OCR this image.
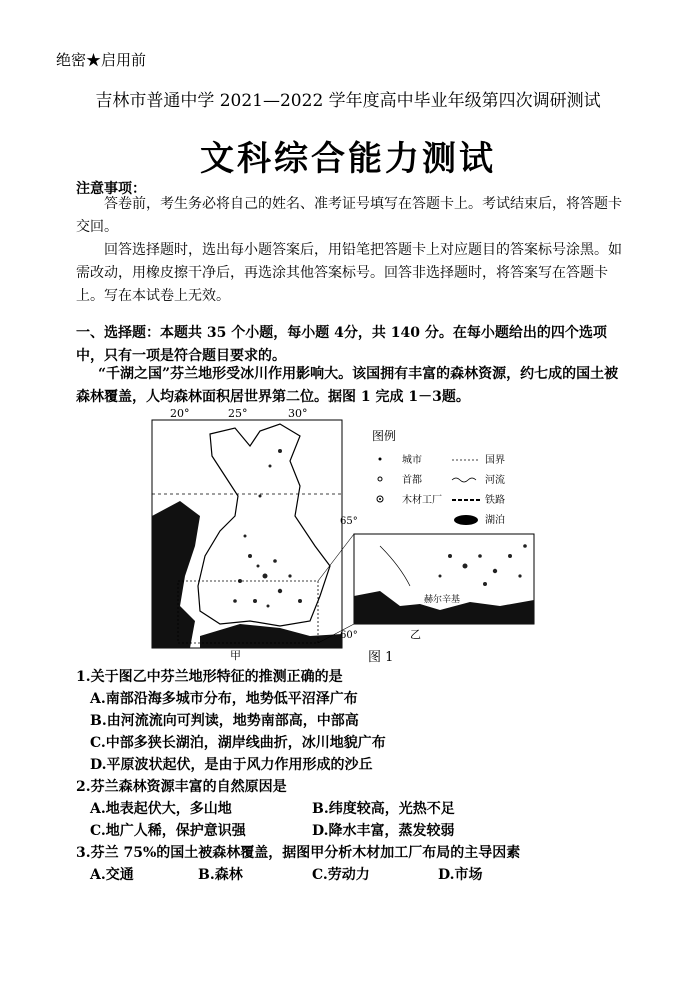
绝密★启用前
吉林市普通中学 2021—2022 学年度高中毕业年级第四次调研测试
文科综合能力测试
注意事项：
答卷前，考生务必将自己的姓名、准考证号填写在答题卡上。考试结束后，将答题卡交回。
回答选择题时，选出每小题答案后，用铅笔把答题卡上对应题目的答案标号涂黑。如需改动，用橡皮擦干净后，再选涂其他答案标号。回答非选择题时，将答案写在答题卡上。写在本试卷上无效。
一、选择题：本题共 35 个小题，每小题 4分，共 140 分。在每小题给出的四个选项中， 只有一项是符合题目要求的。
“千湖之国”芬兰地形受冰川作用影响大。该国拥有丰富的森林资源，约七成的国土被森林覆盖，人均森林面积居世界第二位。据图 1 完成 1－3题。
20°	25°	30°
65°
60°
甲
图例
城市
首都
木材工厂
国界
河流
铁路
湖泊
赫尔辛基
乙
图 1
1.关于图乙中芬兰地形特征的推测正确的是
A.南部沿海多城市分布，地势低平沼泽广布
B.由河流流向可判读，地势南部高，中部高
C.中部多狭长湖泊，湖岸线曲折，冰川地貌广布
D.平原波状起伏，是由于风力作用形成的沙丘
2.芬兰森林资源丰富的自然原因是
A.地表起伏大，多山地	B.纬度较高，光热不足
C.地广人稀，保护意识强	D.降水丰富，蒸发较弱
3.芬兰 75%的国土被森林覆盖，据图甲分析木材加工厂布局的主导因素
A.交通	B.森林	C.劳动力	D.市场
